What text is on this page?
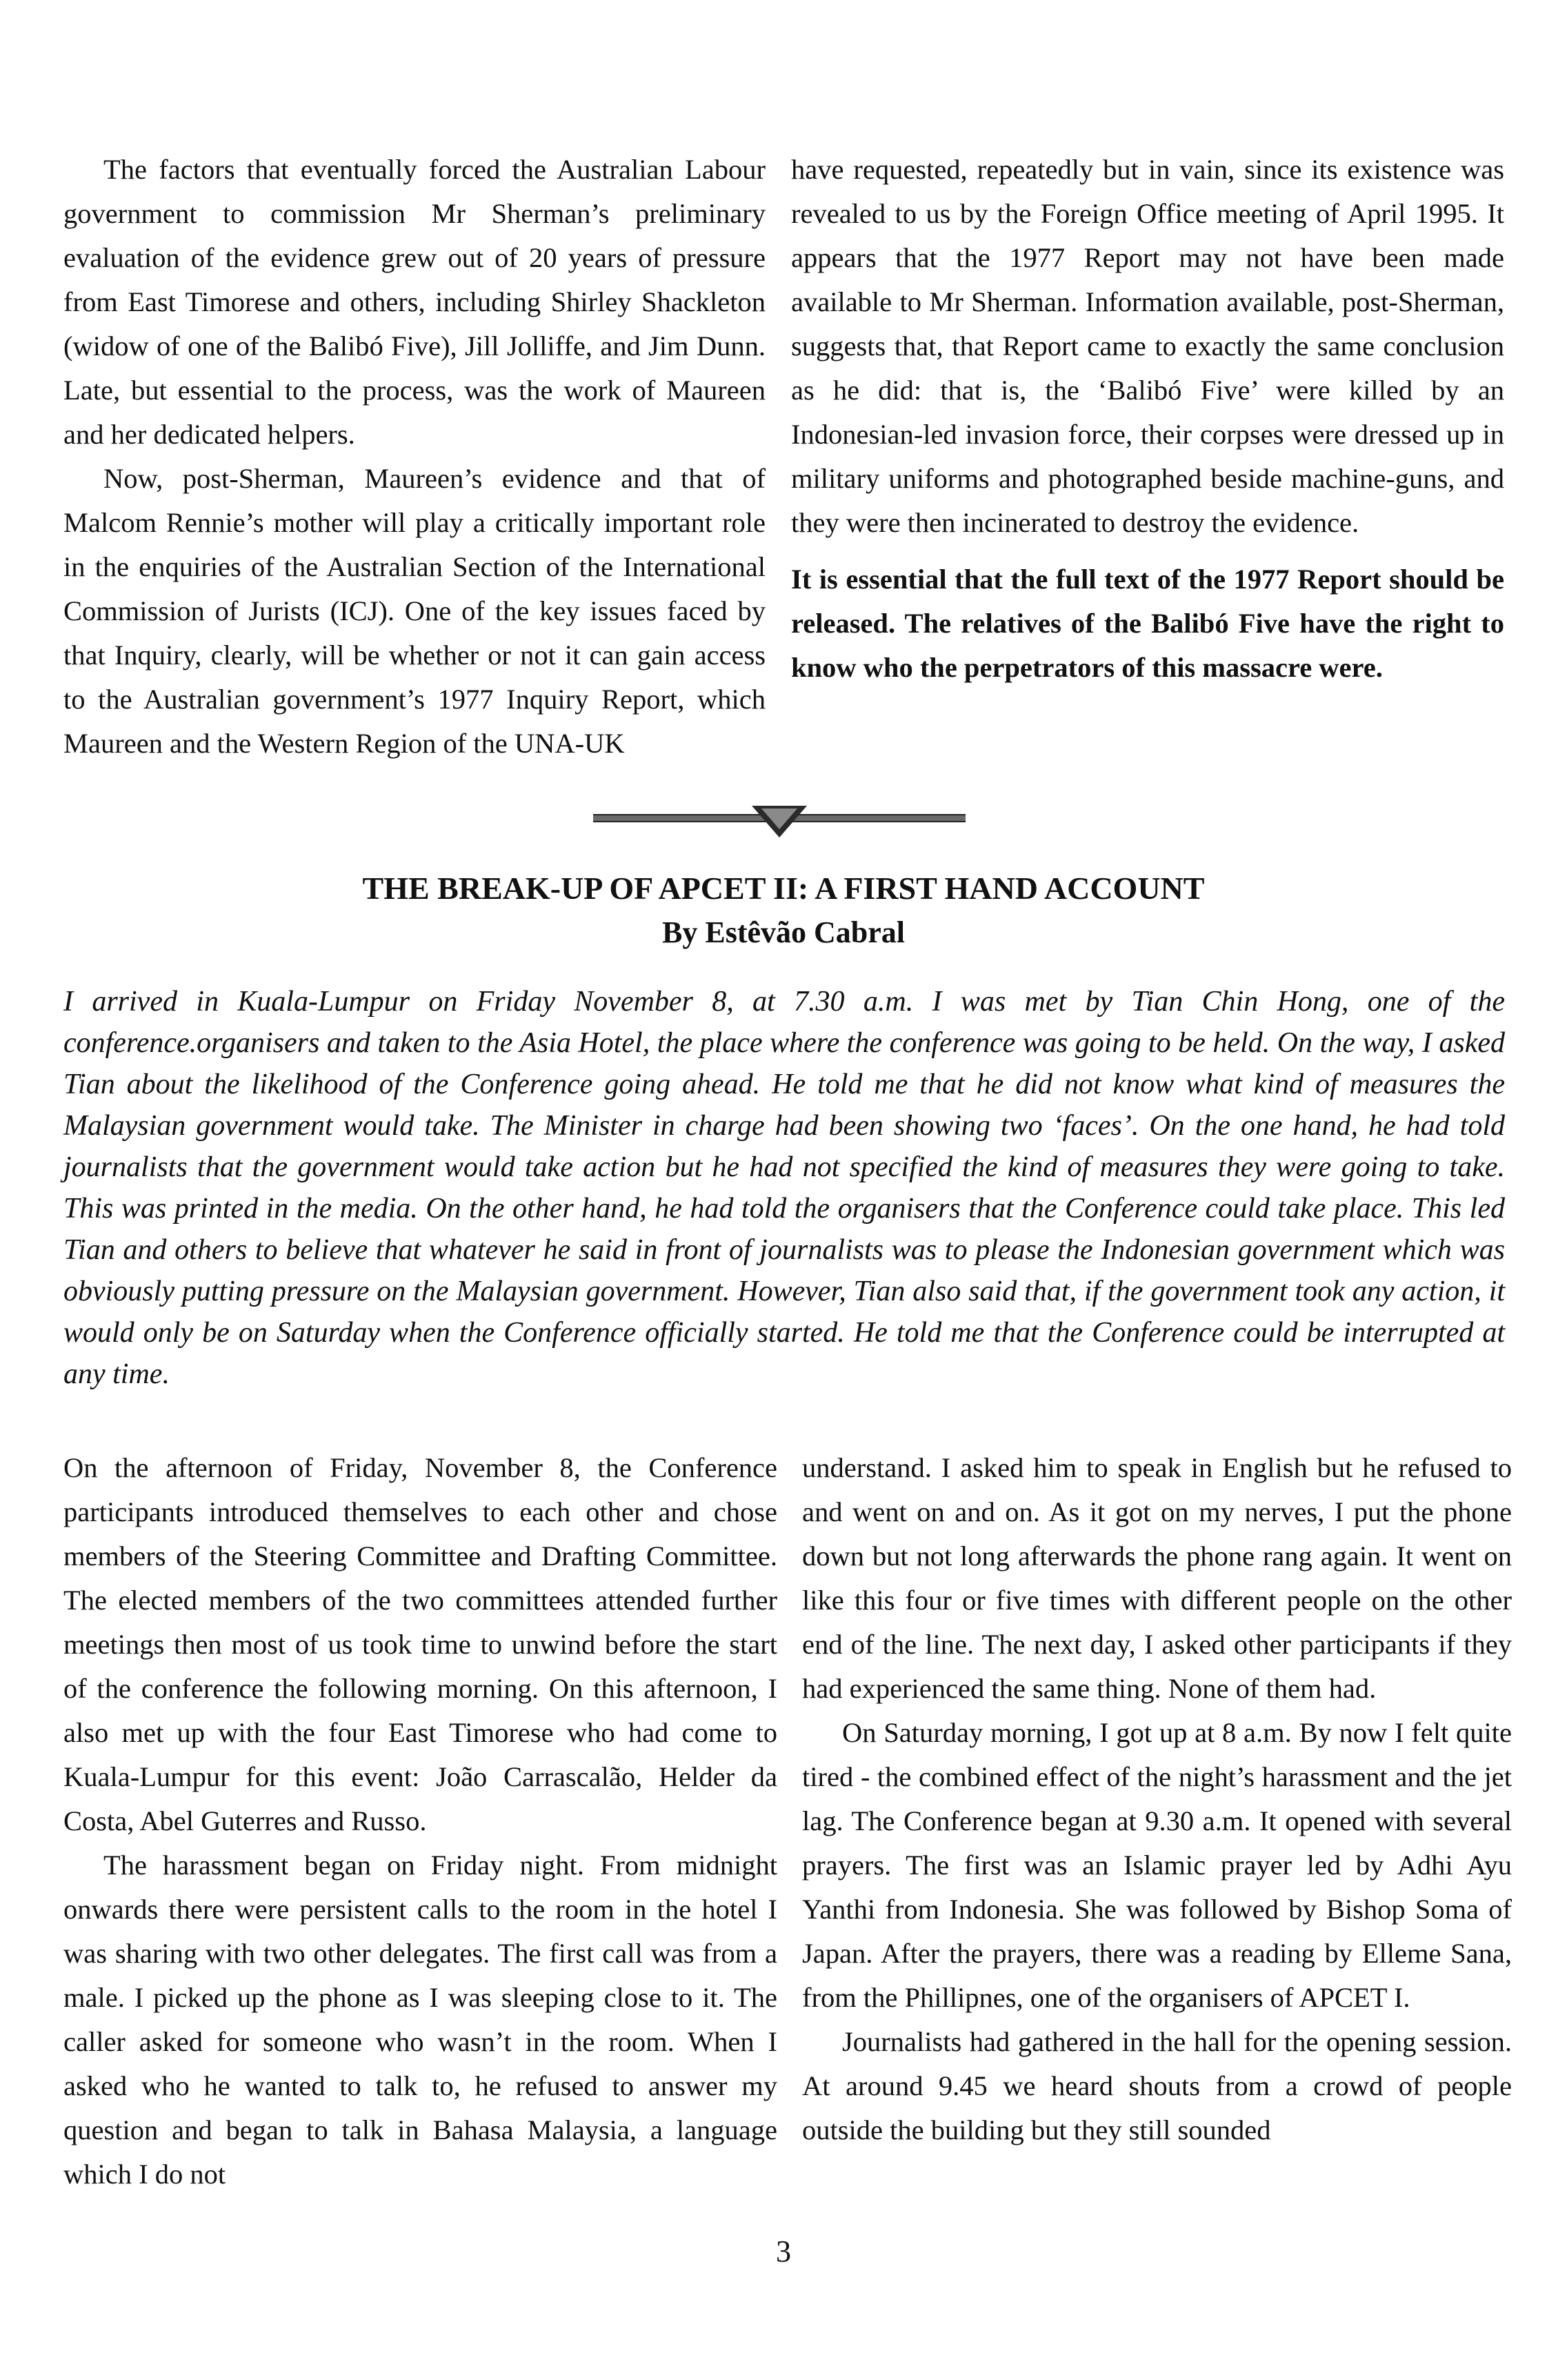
The factors that eventually forced the Australian Labour government to commission Mr Sherman’s preliminary evaluation of the evidence grew out of 20 years of pressure from East Timorese and others, including Shirley Shackleton (widow of one of the Balibó Five), Jill Jolliffe, and Jim Dunn. Late, but essential to the process, was the work of Maureen and her dedicated helpers.

Now, post-Sherman, Maureen’s evidence and that of Malcom Rennie’s mother will play a critically important role in the enquiries of the Australian Section of the International Commission of Jurists (ICJ). One of the key issues faced by that Inquiry, clearly, will be whether or not it can gain access to the Australian government’s 1977 Inquiry Report, which Maureen and the Western Region of the UNA-UK

have requested, repeatedly but in vain, since its existence was revealed to us by the Foreign Office meeting of April 1995. It appears that the 1977 Report may not have been made available to Mr Sherman. Information available, post-Sherman, suggests that, that Report came to exactly the same conclusion as he did: that is, the ‘Balibó Five’ were killed by an Indonesian-led invasion force, their corpses were dressed up in military uniforms and photographed beside machine-guns, and they were then incinerated to destroy the evidence.

It is essential that the full text of the 1977 Report should be released. The relatives of the Balibó Five have the right to know who the perpetrators of this massacre were.

THE BREAK-UP OF APCET II: A FIRST HAND ACCOUNT
By Estêvão Cabral

I arrived in Kuala-Lumpur on Friday November 8, at 7.30 a.m. I was met by Tian Chin Hong, one of the conference.organisers and taken to the Asia Hotel, the place where the conference was going to be held. On the way, I asked Tian about the likelihood of the Conference going ahead. He told me that he did not know what kind of measures the Malaysian government would take. The Minister in charge had been showing two ‘faces’. On the one hand, he had told journalists that the government would take action but he had not specified the kind of measures they were going to take. This was printed in the media. On the other hand, he had told the organisers that the Conference could take place. This led Tian and others to believe that whatever he said in front of journalists was to please the Indonesian government which was obviously putting pressure on the Malaysian government. However, Tian also said that, if the government took any action, it would only be on Saturday when the Conference officially started. He told me that the Conference could be interrupted at any time.

On the afternoon of Friday, November 8, the Conference participants introduced themselves to each other and chose members of the Steering Committee and Drafting Committee. The elected members of the two committees attended further meetings then most of us took time to unwind before the start of the conference the following morning. On this afternoon, I also met up with the four East Timorese who had come to Kuala-Lumpur for this event: João Carrascalão, Helder da Costa, Abel Guterres and Russo.

The harassment began on Friday night. From midnight onwards there were persistent calls to the room in the hotel I was sharing with two other delegates. The first call was from a male. I picked up the phone as I was sleeping close to it. The caller asked for someone who wasn’t in the room. When I asked who he wanted to talk to, he refused to answer my question and began to talk in Bahasa Malaysia, a language which I do not

understand. I asked him to speak in English but he refused to and went on and on. As it got on my nerves, I put the phone down but not long afterwards the phone rang again. It went on like this four or five times with different people on the other end of the line. The next day, I asked other participants if they had experienced the same thing. None of them had.

On Saturday morning, I got up at 8 a.m. By now I felt quite tired - the combined effect of the night’s harassment and the jet lag. The Conference began at 9.30 a.m. It opened with several prayers. The first was an Islamic prayer led by Adhi Ayu Yanthi from Indonesia. She was followed by Bishop Soma of Japan. After the prayers, there was a reading by Elleme Sana, from the Phillipnes, one of the organisers of APCET I.

Journalists had gathered in the hall for the opening session. At around 9.45 we heard shouts from a crowd of people outside the building but they still sounded

3
